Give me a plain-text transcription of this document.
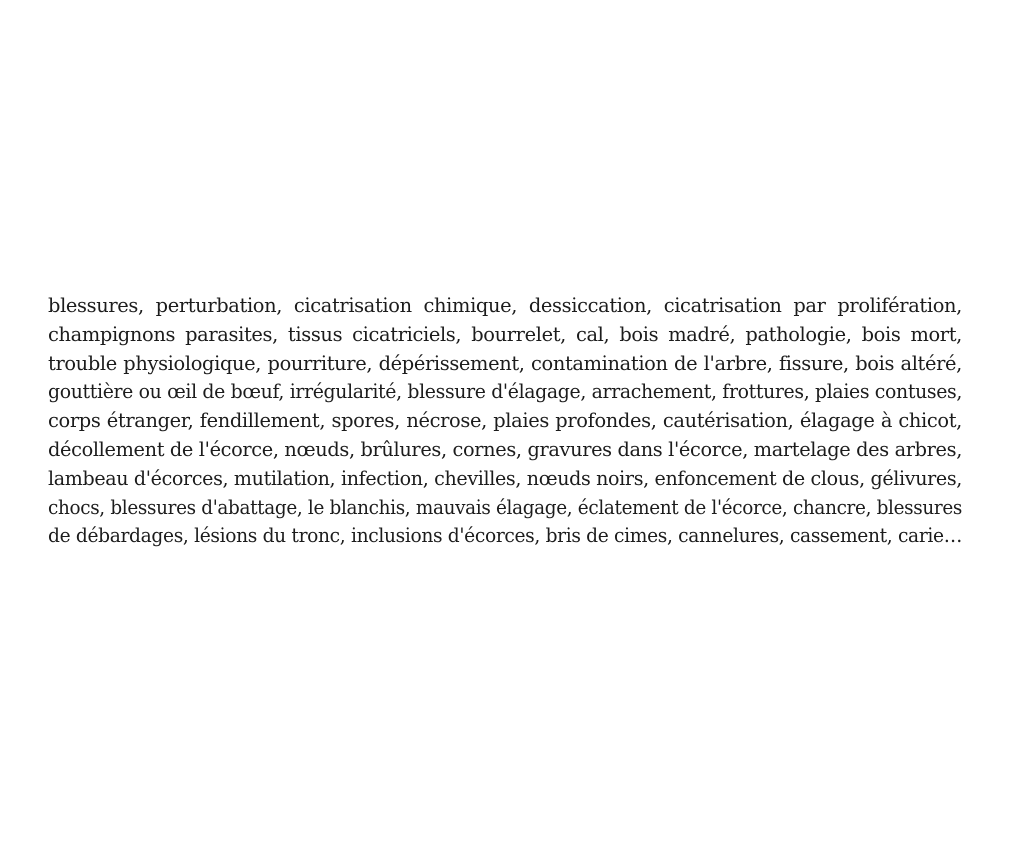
blessures, perturbation, cicatrisation chimique, dessiccation, cicatrisation par prolifération,
champignons parasites, tissus cicatriciels, bourrelet, cal, bois madré, pathologie, bois mort,
trouble physiologique, pourriture, dépérissement, contamination de l'arbre, fissure, bois altéré,
gouttière ou œil de bœuf, irrégularité, blessure d'élagage, arrachement, frottures, plaies contuses,
corps étranger, fendillement, spores, nécrose, plaies profondes, cautérisation, élagage à chicot,
décollement de l'écorce, nœuds, brûlures, cornes, gravures dans l'écorce, martelage des arbres,
lambeau d'écorces, mutilation, infection, chevilles, nœuds noirs, enfoncement de clous, gélivures,
chocs, blessures d'abattage, le blanchis, mauvais élagage, éclatement de l'écorce, chancre, blessures
de débardages, lésions du tronc, inclusions d'écorces, bris de cimes, cannelures, cassement, carie…
